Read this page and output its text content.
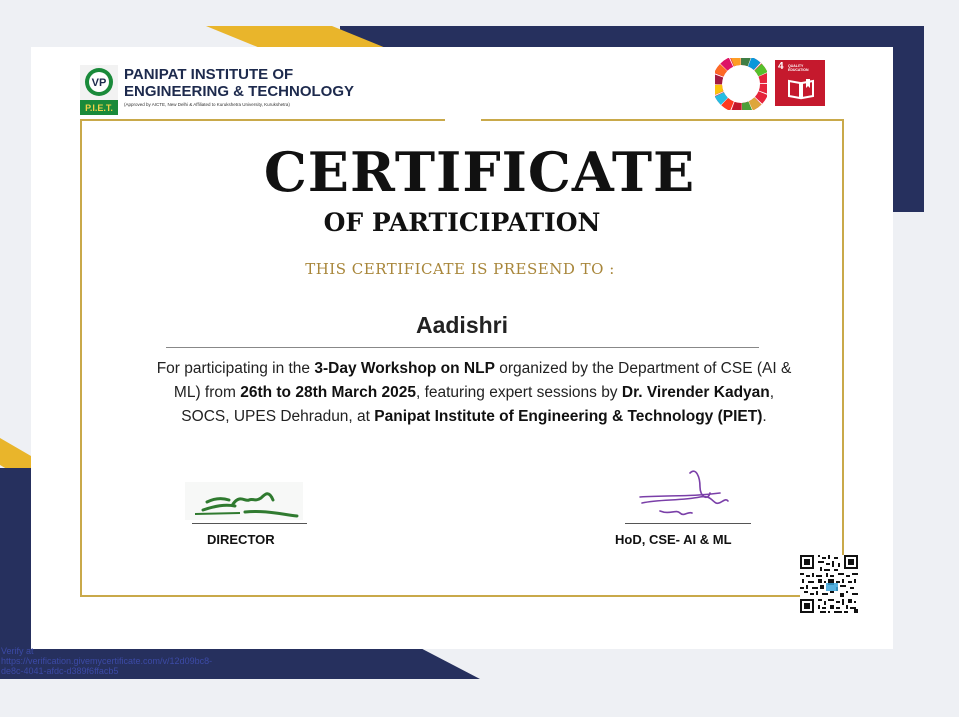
VP
P.I.E.T.

PANIPAT INSTITUTE OF
ENGINEERING & TECHNOLOGY

(Approved by AICTE, New Delhi & Affiliated to Kurukshetra University, Kurukshetra)
4 QUALITY EDUCATION
CERTIFICATE
OF PARTICIPATION
THIS CERTIFICATE IS PRESEND TO :
Aadishri

For participating in the 3-Day Workshop on NLP organized by the Department of CSE (AI & ML) from 26th to 28th March 2025, featuring expert sessions by Dr. Virender Kadyan, SOCS, UPES Dehradun, at Panipat Institute of Engineering & Technology (PIET).

DIRECTOR	HoD, CSE- AI & ML
Verify at
https://verification.givemycertificate.com/v/12d09bc8-
de8c-4041-afdc-d389f6ffacb5
